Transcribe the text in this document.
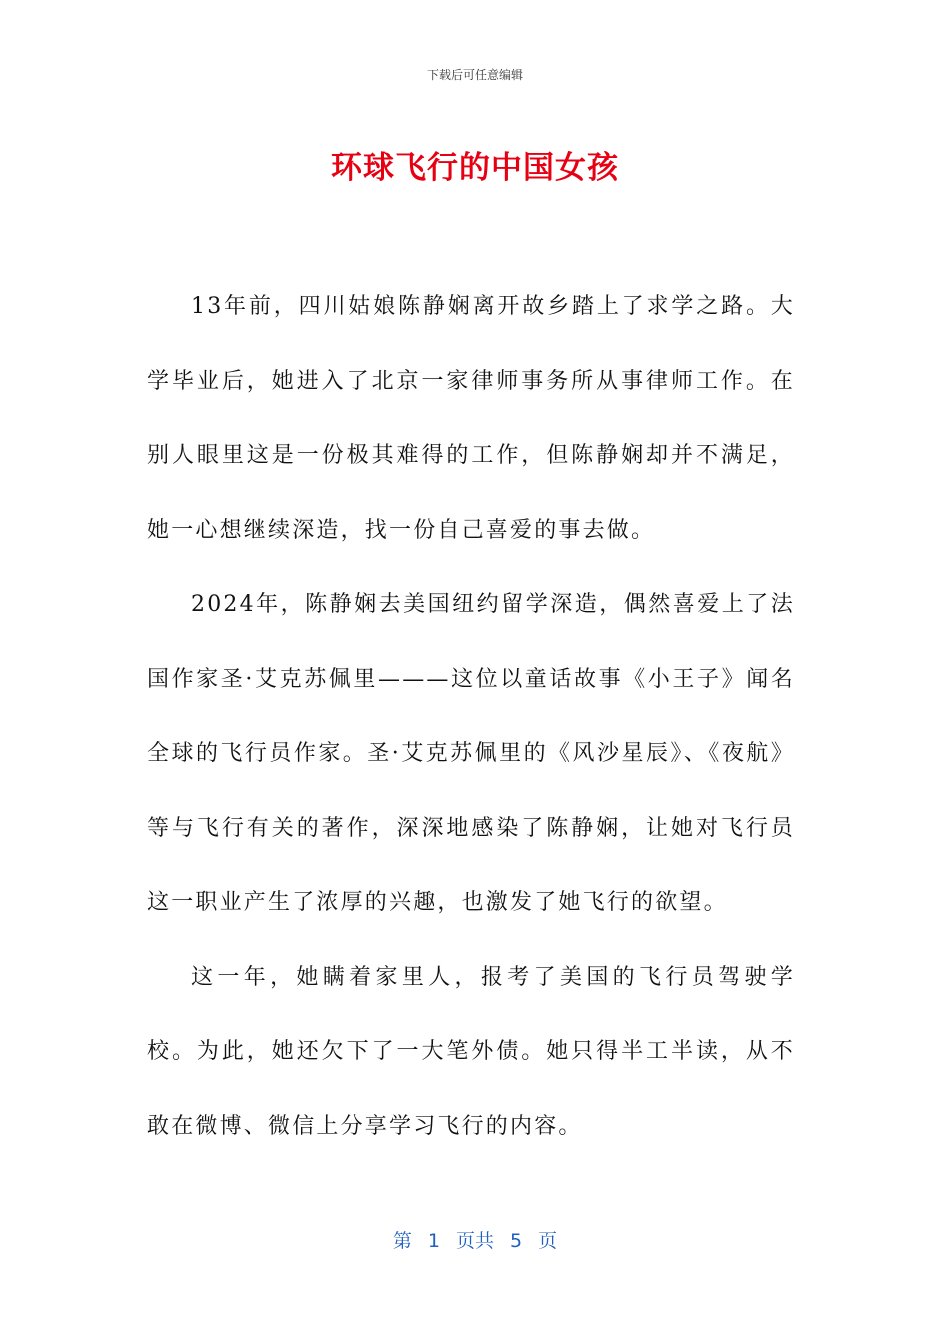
下载后可任意编辑
环球飞行的中国女孩

13年前，四川姑娘陈静娴离开故乡踏上了求学之路。大学毕业后，她进入了北京一家律师事务所从事律师工作。在别人眼里这是一份极其难得的工作，但陈静娴却并不满足，她一心想继续深造，找一份自己喜爱的事去做。

2024年，陈静娴去美国纽约留学深造，偶然喜爱上了法国作家圣·艾克苏佩里———这位以童话故事《小王子》闻名全球的飞行员作家。圣·艾克苏佩里的《风沙星辰》、《夜航》等与飞行有关的著作，深深地感染了陈静娴，让她对飞行员这一职业产生了浓厚的兴趣，也激发了她飞行的欲望。

这一年，她瞒着家里人，报考了美国的飞行员驾驶学校。为此，她还欠下了一大笔外债。她只得半工半读，从不敢在微博、微信上分享学习飞行的内容。

第 1 页共 5 页
